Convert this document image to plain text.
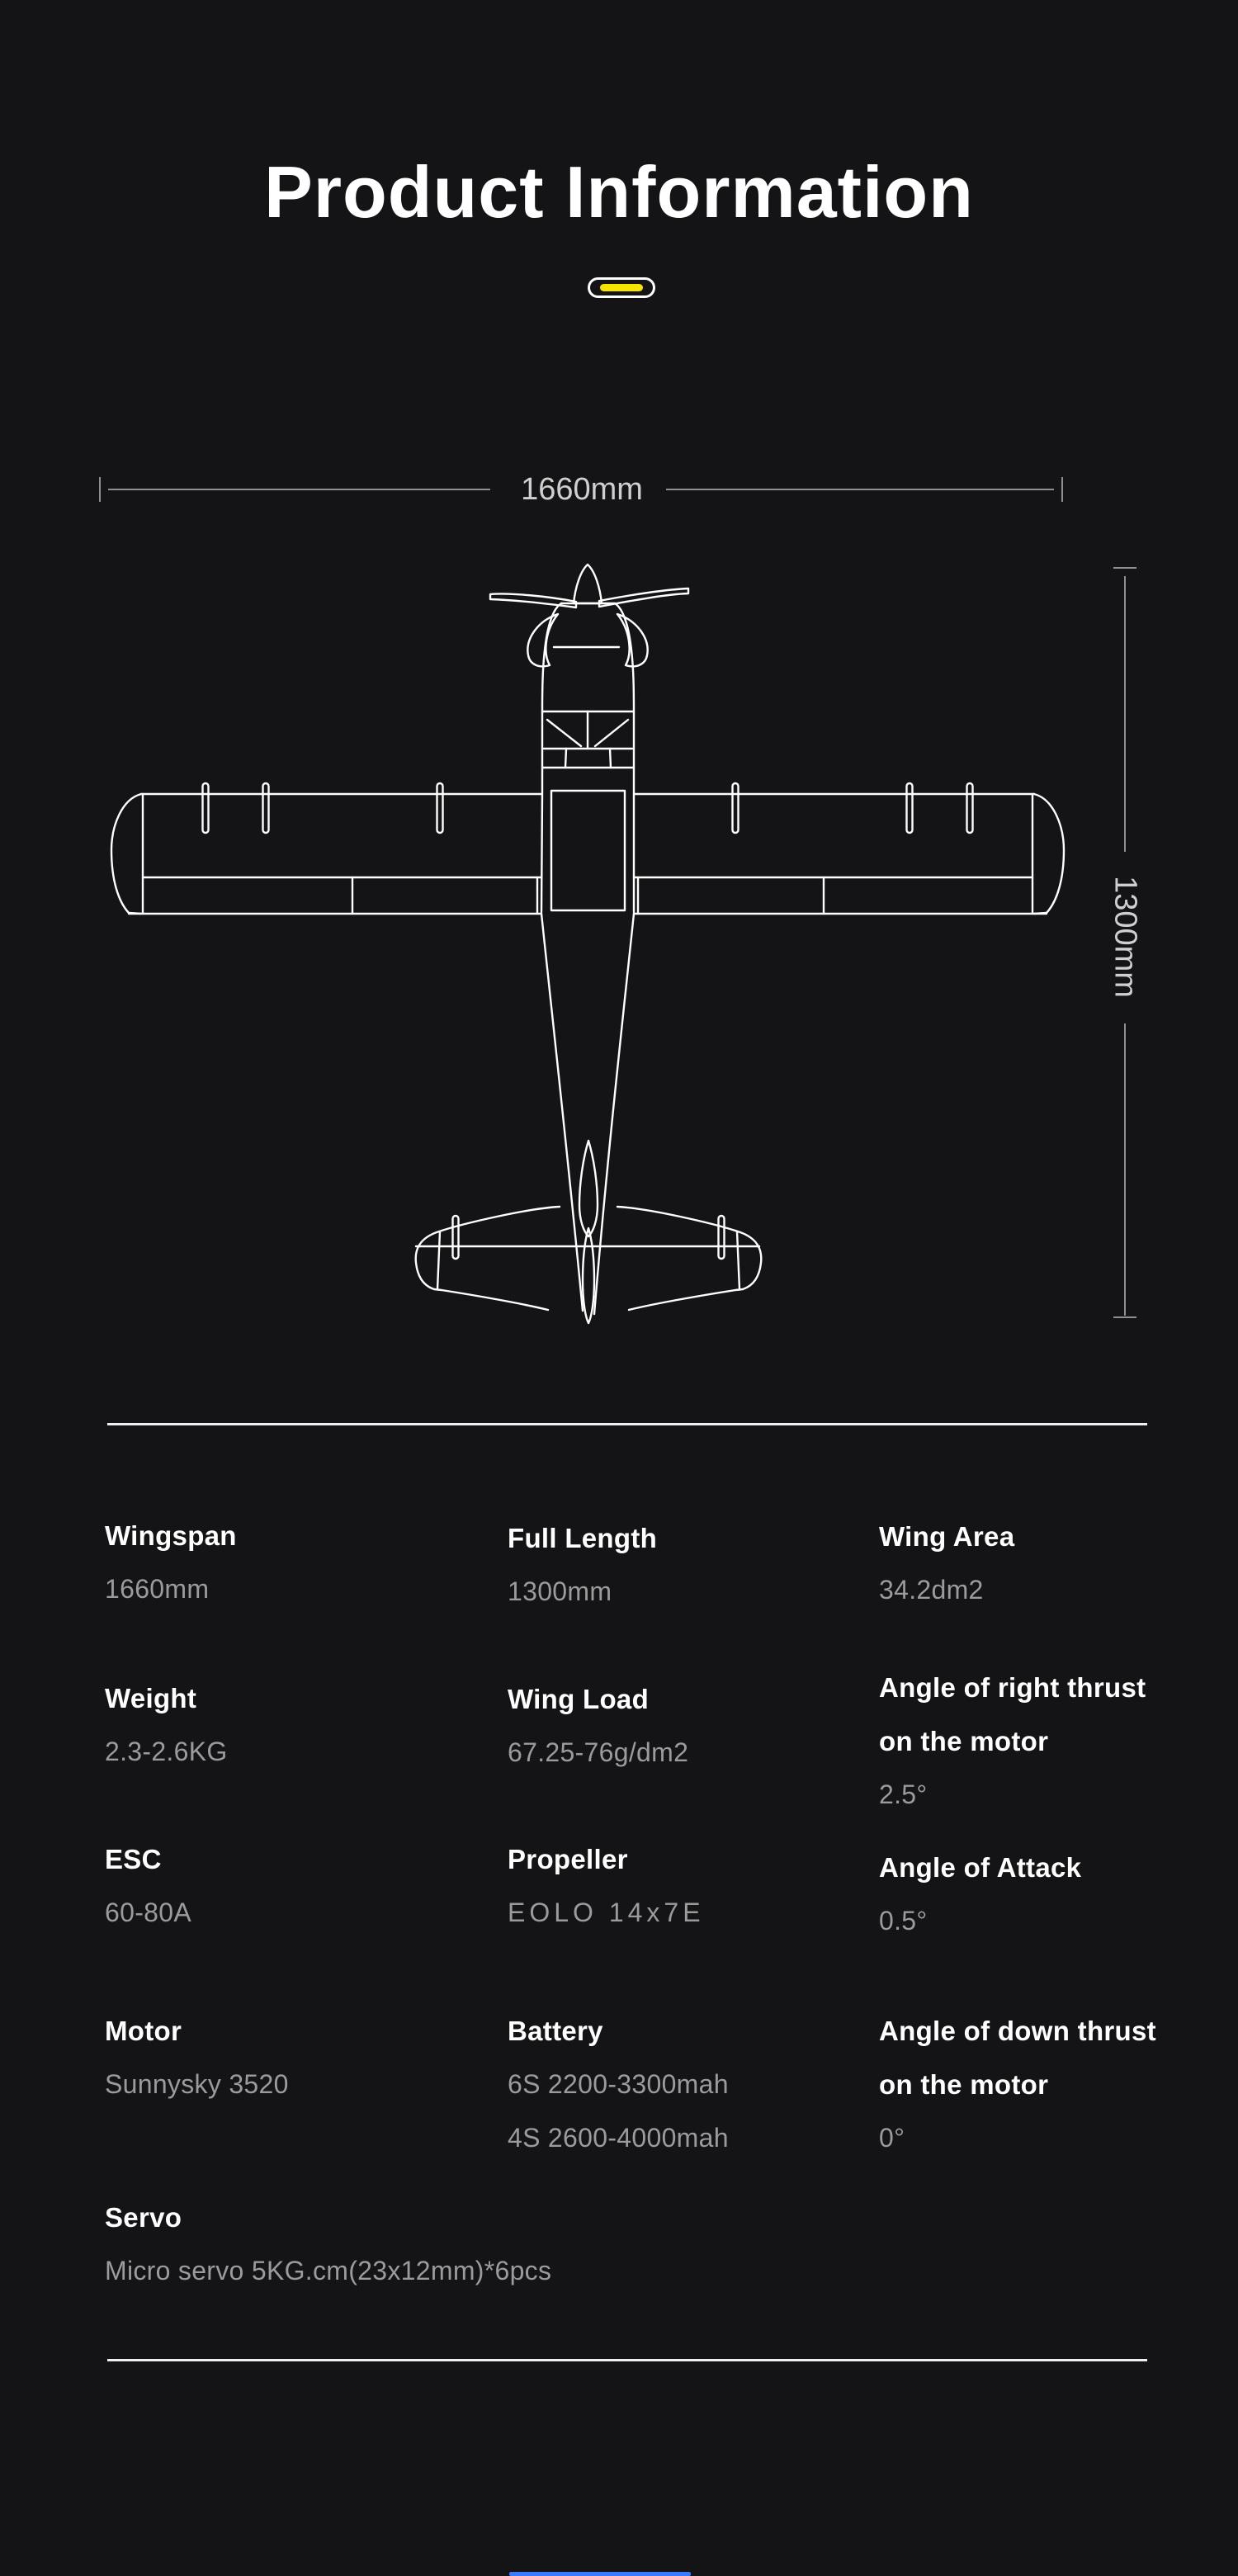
Product Information
1660mm
1300mm
Wingspan
1660mm
Full Length
1300mm
Wing Area
34.2dm2
Weight
2.3-2.6KG
Wing Load
67.25-76g/dm2
Angle of right thrust
on the motor
2.5°
ESC
60-80A
Propeller
EOLO 14x7E
Angle of Attack
0.5°
Motor
Sunnysky 3520
Battery
6S 2200-3300mah
4S 2600-4000mah
Angle of down thrust
on the motor
0°
Servo
Micro servo 5KG.cm(23x12mm)*6pcs
